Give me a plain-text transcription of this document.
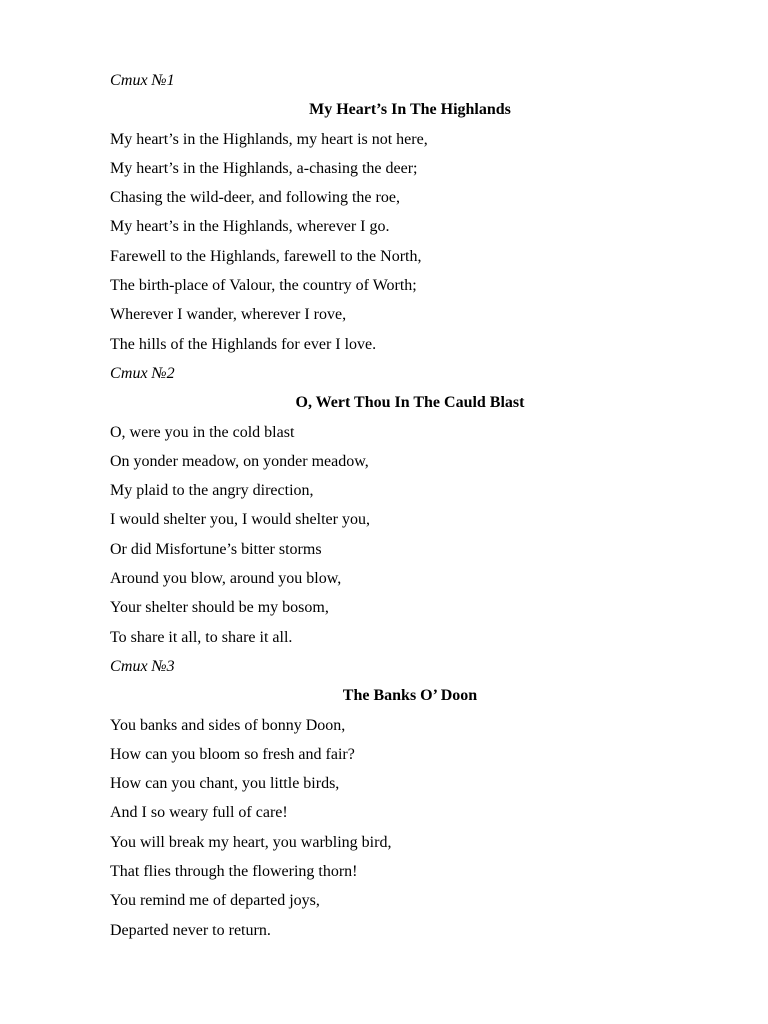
Стих №1
My Heart’s In The Highlands
My heart’s in the Highlands, my heart is not here,
My heart’s in the Highlands, a-chasing the deer;
Chasing the wild-deer, and following the roe,
My heart’s in the Highlands, wherever I go.
Farewell to the Highlands, farewell to the North,
The birth-place of Valour, the country of Worth;
Wherever I wander, wherever I rove,
The hills of the Highlands for ever I love.
Стих №2
O, Wert Thou In The Cauld Blast
O, were you in the cold blast
On yonder meadow, on yonder meadow,
My plaid to the angry direction,
I would shelter you, I would shelter you,
Or did Misfortune’s bitter storms
Around you blow, around you blow,
Your shelter should be my bosom,
To share it all, to share it all.
Стих №3
The Banks O’ Doon
You banks and sides of bonny Doon,
How can you bloom so fresh and fair?
How can you chant, you little birds,
And I so weary full of care!
You will break my heart, you warbling bird,
That flies through the flowering thorn!
You remind me of departed joys,
Departed never to return.
